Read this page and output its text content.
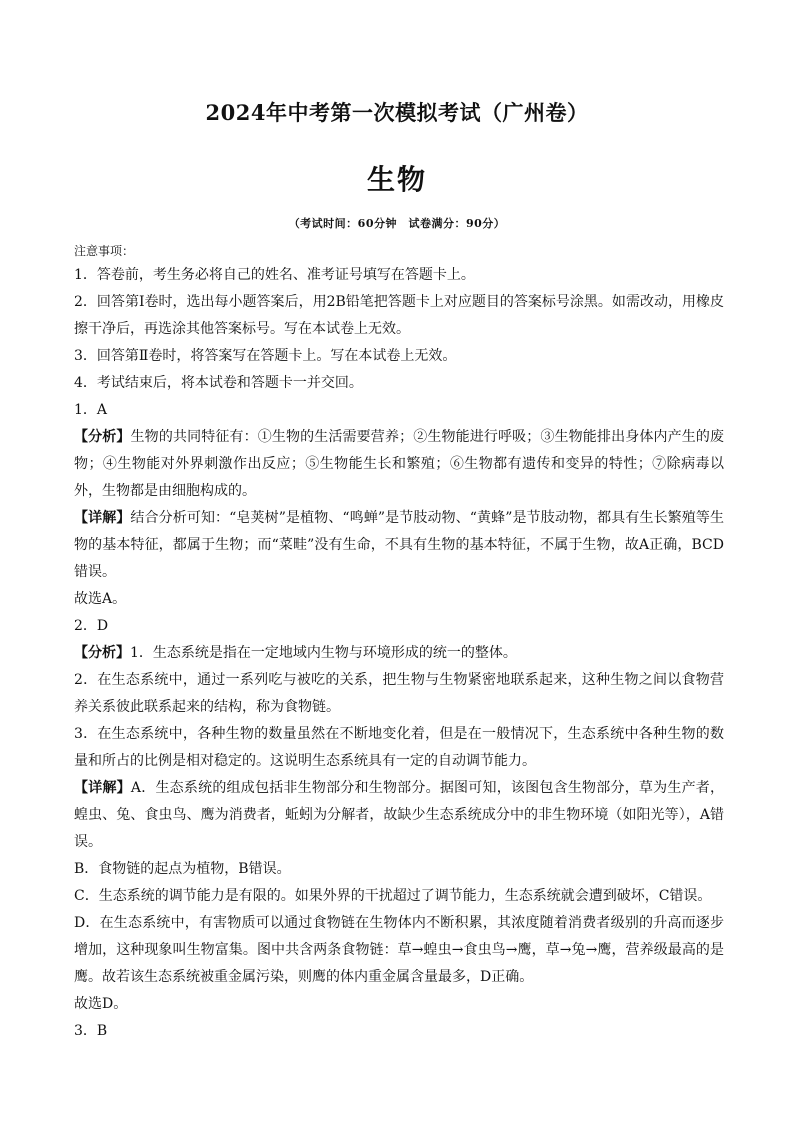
2024年中考第一次模拟考试（广州卷）
生物
（考试时间：60分钟　试卷满分：90分）

注意事项：

1．答卷前，考生务必将自己的姓名、准考证号填写在答题卡上。

2．回答第Ⅰ卷时，选出每小题答案后，用2B铅笔把答题卡上对应题目的答案标号涂黑。如需改动，用橡皮擦干净后，再选涂其他答案标号。写在本试卷上无效。

3．回答第Ⅱ卷时，将答案写在答题卡上。写在本试卷上无效。

4．考试结束后，将本试卷和答题卡一并交回。

1．A

【分析】生物的共同特征有：①生物的生活需要营养；②生物能进行呼吸；③生物能排出身体内产生的废物；④生物能对外界刺激作出反应；⑤生物能生长和繁殖；⑥生物都有遗传和变异的特性；⑦除病毒以外，生物都是由细胞构成的。

【详解】结合分析可知：“皂荚树”是植物、“鸣蝉”是节肢动物、“黄蜂”是节肢动物，都具有生长繁殖等生物的基本特征，都属于生物；而“菜畦”没有生命，不具有生物的基本特征，不属于生物，故A正确，BCD错误。

故选A。

2．D

【分析】1．生态系统是指在一定地域内生物与环境形成的统一的整体。

2．在生态系统中，通过一系列吃与被吃的关系，把生物与生物紧密地联系起来，这种生物之间以食物营养关系彼此联系起来的结构，称为食物链。

3．在生态系统中，各种生物的数量虽然在不断地变化着，但是在一般情况下，生态系统中各种生物的数量和所占的比例是相对稳定的。这说明生态系统具有一定的自动调节能力。

【详解】A．生态系统的组成包括非生物部分和生物部分。据图可知，该图包含生物部分，草为生产者，蝗虫、兔、食虫鸟、鹰为消费者，蚯蚓为分解者，故缺少生态系统成分中的非生物环境（如阳光等），A错误。

B．食物链的起点为植物，B错误。

C．生态系统的调节能力是有限的。如果外界的干扰超过了调节能力，生态系统就会遭到破坏，C错误。

D．在生态系统中，有害物质可以通过食物链在生物体内不断积累，其浓度随着消费者级别的升高而逐步增加，这种现象叫生物富集。图中共含两条食物链：草→蝗虫→食虫鸟→鹰，草→兔→鹰，营养级最高的是鹰。故若该生态系统被重金属污染，则鹰的体内重金属含量最多，D正确。

故选D。

3．B
